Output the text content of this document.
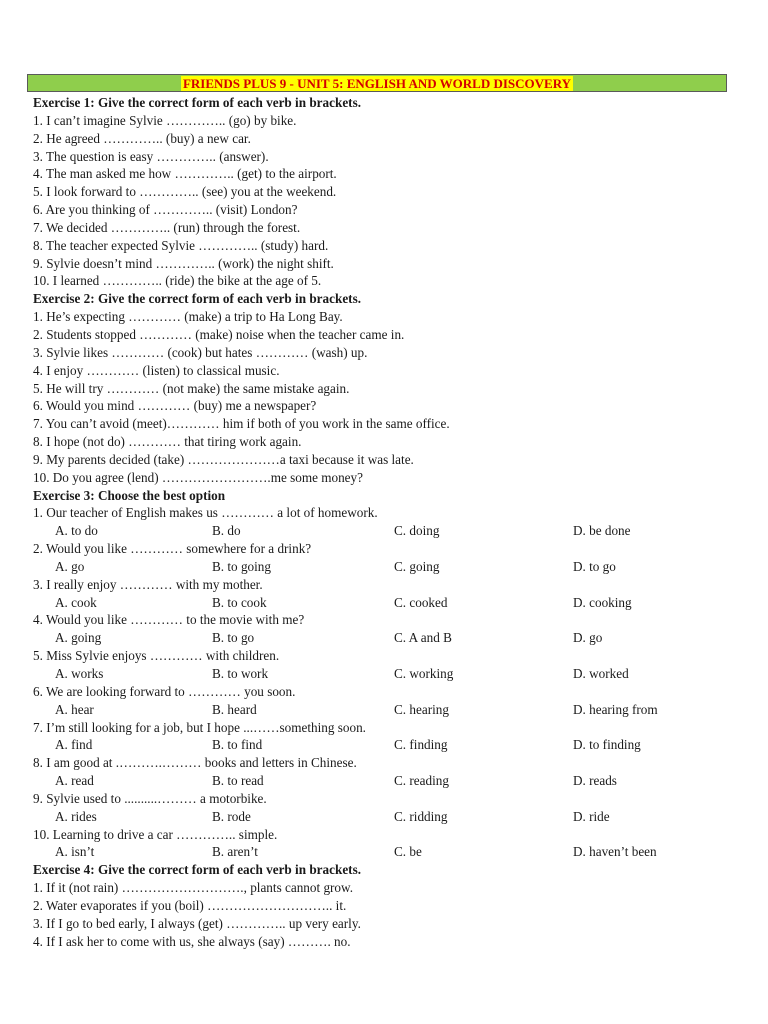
FRIENDS PLUS 9 - UNIT 5: ENGLISH AND WORLD DISCOVERY
Exercise 1: Give the correct form of each verb in brackets.
1. I can’t imagine Sylvie ………….. (go) by bike.
2. He agreed ………….. (buy) a new car.
3. The question is easy ………….. (answer).
4. The man asked me how ………….. (get) to the airport.
5. I look forward to ………….. (see) you at the weekend.
6. Are you thinking of ………….. (visit) London?
7. We decided ………….. (run) through the forest.
8. The teacher expected Sylvie ………….. (study) hard.
9. Sylvie doesn’t mind ………….. (work) the night shift.
10. I learned ………….. (ride) the bike at the age of 5.
Exercise 2: Give the correct form of each verb in brackets.
1. He’s expecting ………… (make) a trip to Ha Long Bay.
2. Students stopped ………… (make) noise when the teacher came in.
3. Sylvie likes ………… (cook) but hates ………… (wash) up.
4. I enjoy ………… (listen) to classical music.
5. He will try ………… (not make) the same mistake again.
6. Would you mind ………… (buy) me a newspaper?
7. You can’t avoid (meet)………… him if both of you work in the same office.
8. I hope (not do) ………… that tiring work again.
9. My parents decided (take) …………………a taxi because it was late.
10. Do you agree (lend) …………………….me some money?
Exercise 3: Choose the best option
1. Our teacher of English makes us ………… a lot of homework.
A. to do	B. do	C. doing	D. be done
2. Would you like ………… somewhere for a drink?
A. go	B. to going	C. going	D. to go
3. I really enjoy ………… with my mother.
A. cook	B. to cook	C. cooked	D. cooking
4. Would you like ………… to the movie with me?
A. going	B. to go	C. A and B	D. go
5. Miss Sylvie enjoys ………… with children.
A. works	B. to work	C. working	D. worked
6. We are looking forward to ………… you soon.
A. hear	B. heard	C. hearing	D. hearing from
7. I’m still looking for a job, but I hope ...……something soon.
A. find	B. to find	C. finding	D. to finding
8. I am good at .……….……… books and letters in Chinese.
A. read	B. to read	C. reading	D. reads
9. Sylvie used to ..........……… a motorbike.
A. rides	B. rode	C. ridding	D. ride
10. Learning to drive a car ………….. simple.
A. isn’t	B. aren’t	C. be	D. haven’t been
Exercise 4: Give the correct form of each verb in brackets.
1. If it (not rain) ………………………., plants cannot grow.
2. Water evaporates if you (boil) ……………………….. it.
3. If I go to bed early, I always (get) ………….. up very early.
4. If I ask her to come with us, she always (say) ………. no.
